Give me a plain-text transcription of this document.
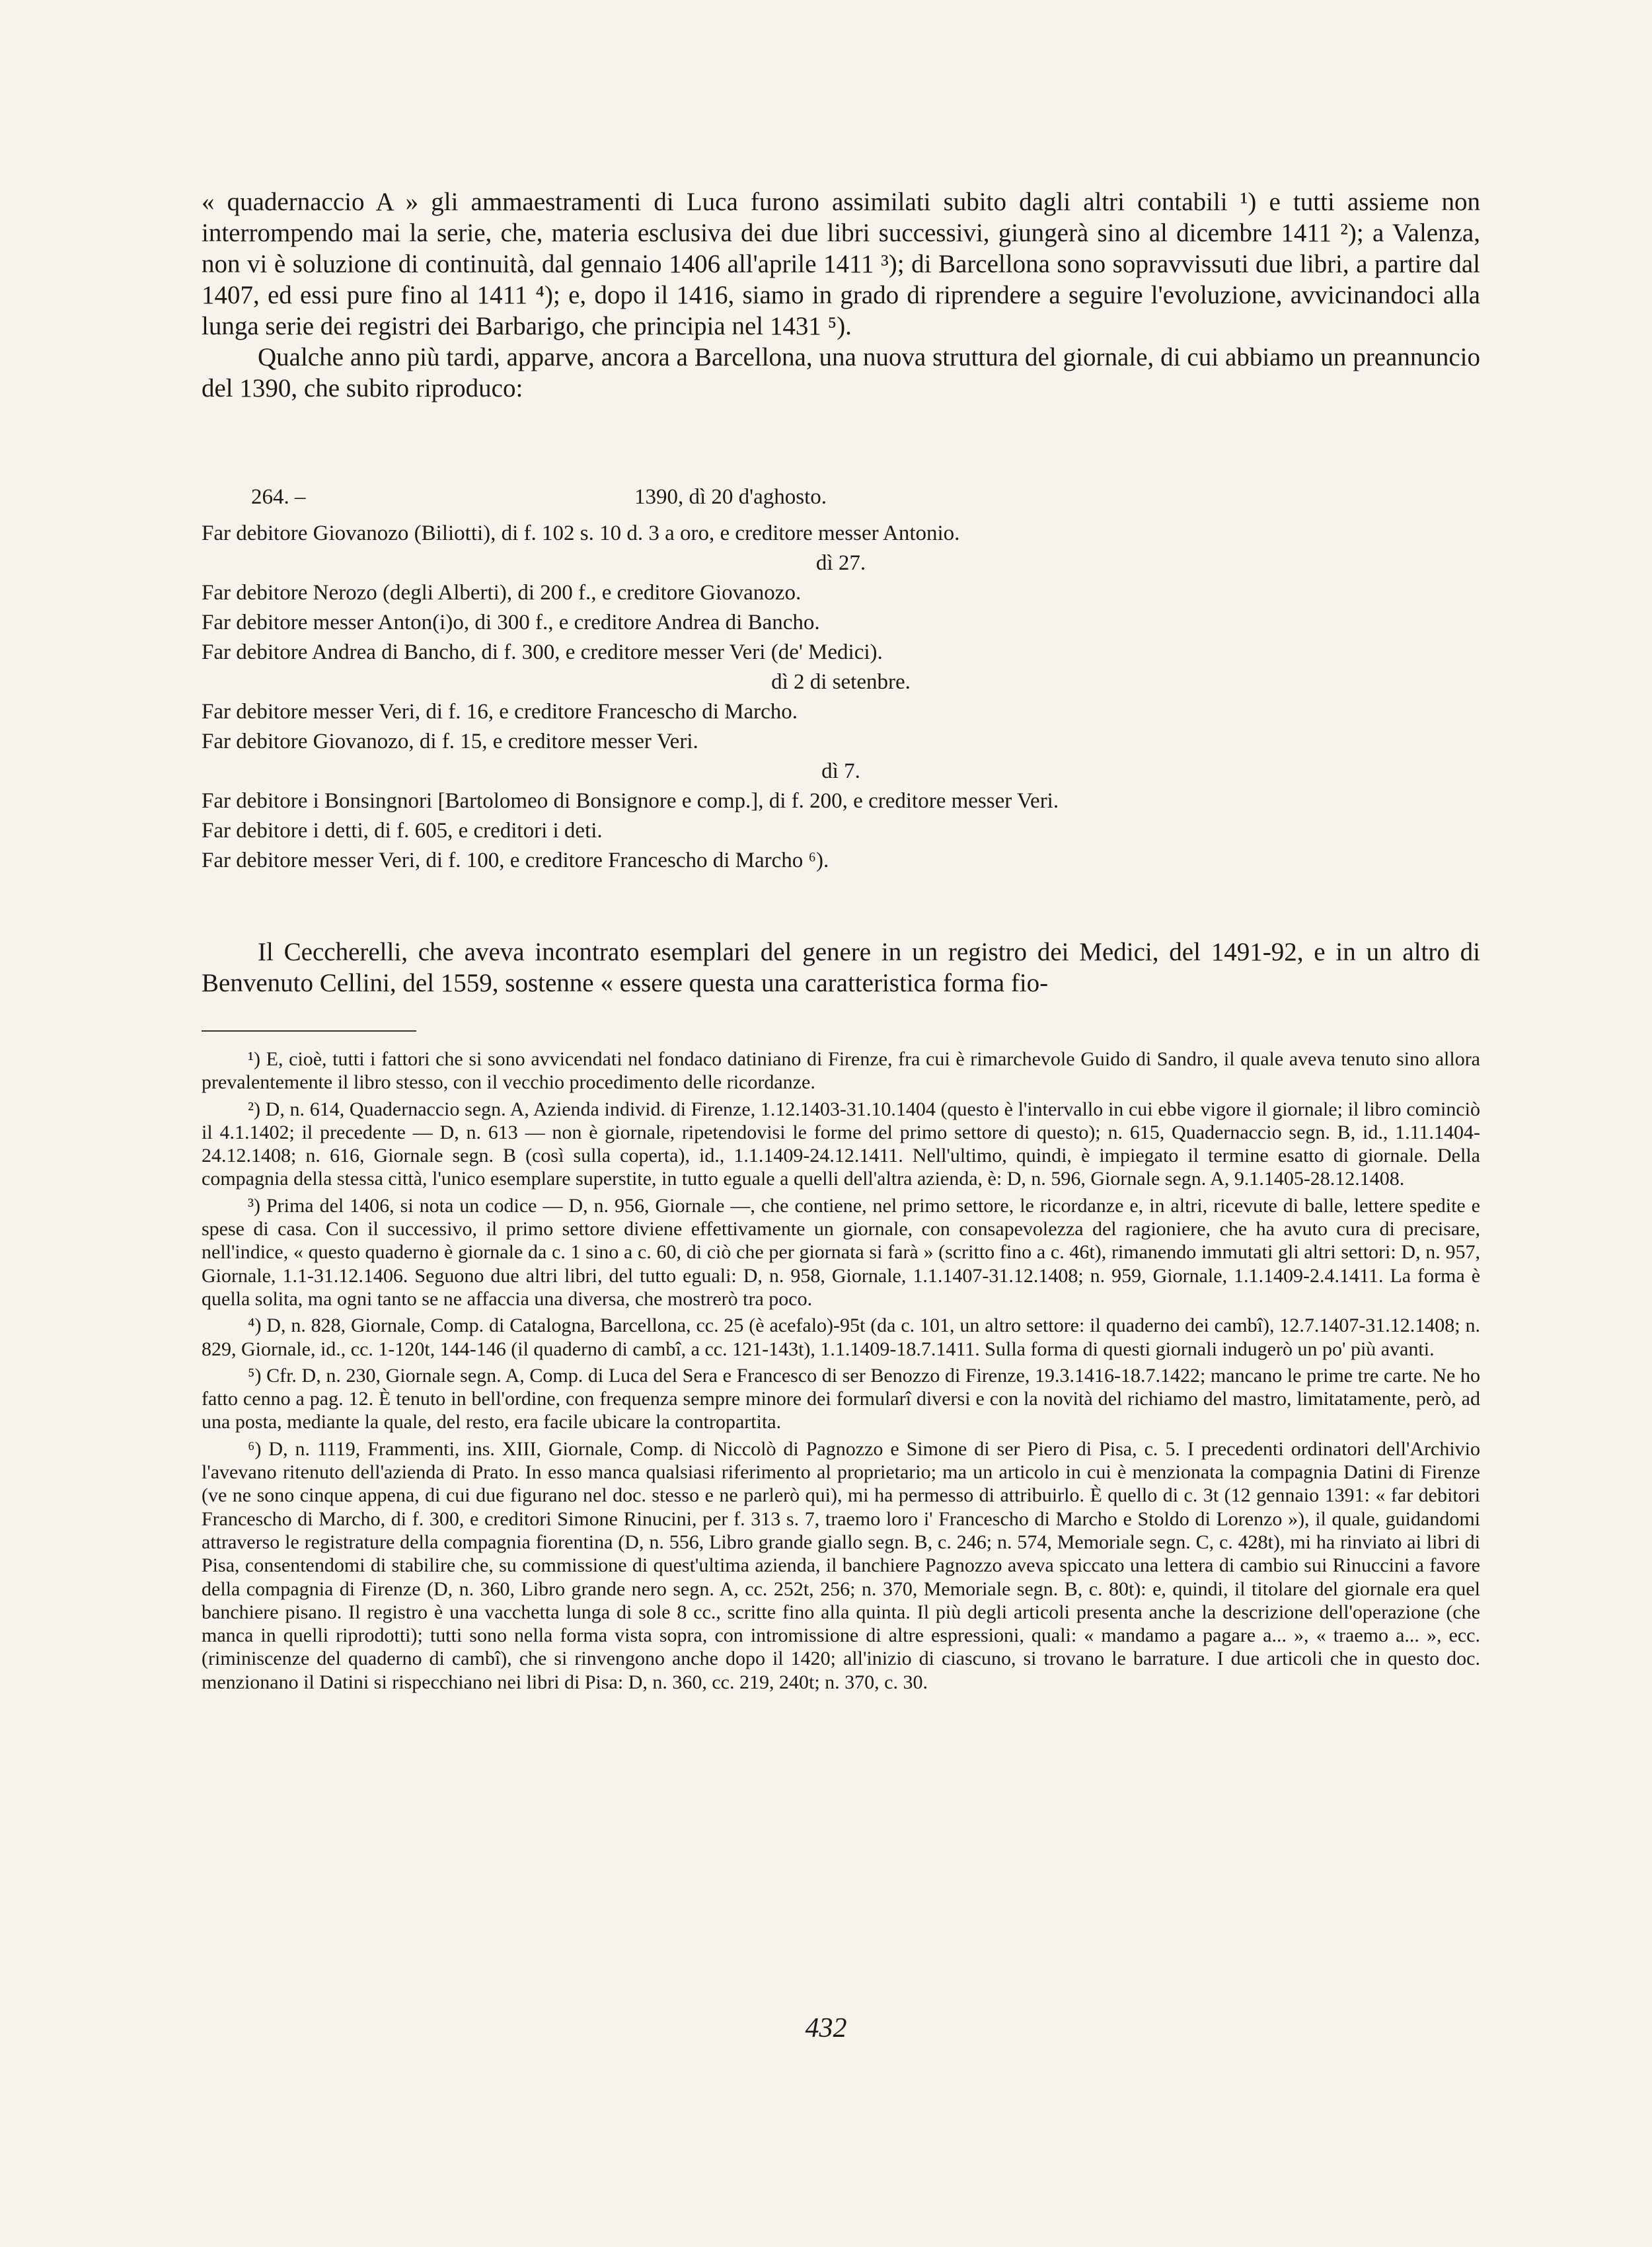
« quadernaccio A » gli ammaestramenti di Luca furono assimilati subito dagli altri contabili ¹) e tutti assieme non interrompendo mai la serie, che, materia esclusiva dei due libri successivi, giungerà sino al dicembre 1411 ²); a Valenza, non vi è soluzione di continuità, dal gennaio 1406 all'aprile 1411 ³); di Barcellona sono sopravvissuti due libri, a partire dal 1407, ed essi pure fino al 1411 ⁴); e, dopo il 1416, siamo in grado di riprendere a seguire l'evoluzione, avvicinandoci alla lunga serie dei registri dei Barbarigo, che principia nel 1431 ⁵).

Qualche anno più tardi, apparve, ancora a Barcellona, una nuova struttura del giornale, di cui abbiamo un preannuncio del 1390, che subito riproduco:

264. –	1390, dì 20 d'aghosto.
Far debitore Giovanozo (Biliotti), di f. 102 s. 10 d. 3 a oro, e creditore messer Antonio.
dì 27.
Far debitore Nerozo (degli Alberti), di 200 f., e creditore Giovanozo.
Far debitore messer Anton(i)o, di 300 f., e creditore Andrea di Bancho.
Far debitore Andrea di Bancho, di f. 300, e creditore messer Veri (de' Medici).
dì 2 di setenbre.
Far debitore messer Veri, di f. 16, e creditore Francescho di Marcho.
Far debitore Giovanozo, di f. 15, e creditore messer Veri.
dì 7.
Far debitore i Bonsingnori [Bartolomeo di Bonsignore e comp.], di f. 200, e creditore messer Veri.
Far debitore i detti, di f. 605, e creditori i deti.
Far debitore messer Veri, di f. 100, e creditore Francescho di Marcho ⁶).

Il Ceccherelli, che aveva incontrato esemplari del genere in un registro dei Medici, del 1491-92, e in un altro di Benvenuto Cellini, del 1559, sostenne « essere questa una caratteristica forma fio-

¹) E, cioè, tutti i fattori che si sono avvicendati nel fondaco datiniano di Firenze, fra cui è rimarchevole Guido di Sandro, il quale aveva tenuto sino allora prevalentemente il libro stesso, con il vecchio procedimento delle ricordanze.

²) D, n. 614, Quadernaccio segn. A, Azienda individ. di Firenze, 1.12.1403-31.10.1404 (questo è l'intervallo in cui ebbe vigore il giornale; il libro cominciò il 4.1.1402; il precedente — D, n. 613 — non è giornale, ripetendovisi le forme del primo settore di questo); n. 615, Quadernaccio segn. B, id., 1.11.1404-24.12.1408; n. 616, Giornale segn. B (così sulla coperta), id., 1.1.1409-24.12.1411. Nell'ultimo, quindi, è impiegato il termine esatto di giornale. Della compagnia della stessa città, l'unico esemplare superstite, in tutto eguale a quelli dell'altra azienda, è: D, n. 596, Giornale segn. A, 9.1.1405-28.12.1408.

³) Prima del 1406, si nota un codice — D, n. 956, Giornale —, che contiene, nel primo settore, le ricordanze e, in altri, ricevute di balle, lettere spedite e spese di casa. Con il successivo, il primo settore diviene effettivamente un giornale, con consapevolezza del ragioniere, che ha avuto cura di precisare, nell'indice, « questo quaderno è giornale da c. 1 sino a c. 60, di ciò che per giornata si farà » (scritto fino a c. 46t), rimanendo immutati gli altri settori: D, n. 957, Giornale, 1.1-31.12.1406. Seguono due altri libri, del tutto eguali: D, n. 958, Giornale, 1.1.1407-31.12.1408; n. 959, Giornale, 1.1.1409-2.4.1411. La forma è quella solita, ma ogni tanto se ne affaccia una diversa, che mostrerò tra poco.

⁴) D, n. 828, Giornale, Comp. di Catalogna, Barcellona, cc. 25 (è acefalo)-95t (da c. 101, un altro settore: il quaderno dei cambî), 12.7.1407-31.12.1408; n. 829, Giornale, id., cc. 1-120t, 144-146 (il quaderno di cambî, a cc. 121-143t), 1.1.1409-18.7.1411. Sulla forma di questi giornali indugerò un po' più avanti.

⁵) Cfr. D, n. 230, Giornale segn. A, Comp. di Luca del Sera e Francesco di ser Benozzo di Firenze, 19.3.1416-18.7.1422; mancano le prime tre carte. Ne ho fatto cenno a pag. 12. È tenuto in bell'ordine, con frequenza sempre minore dei formularî diversi e con la novità del richiamo del mastro, limitatamente, però, ad una posta, mediante la quale, del resto, era facile ubicare la contropartita.

⁶) D, n. 1119, Frammenti, ins. XIII, Giornale, Comp. di Niccolò di Pagnozzo e Simone di ser Piero di Pisa, c. 5. I precedenti ordinatori dell'Archivio l'avevano ritenuto dell'azienda di Prato. In esso manca qualsiasi riferimento al proprietario; ma un articolo in cui è menzionata la compagnia Datini di Firenze (ve ne sono cinque appena, di cui due figurano nel doc. stesso e ne parlerò qui), mi ha permesso di attribuirlo. È quello di c. 3t (12 gennaio 1391: « far debitori Francescho di Marcho, di f. 300, e creditori Simone Rinucini, per f. 313 s. 7, traemo loro i' Francescho di Marcho e Stoldo di Lorenzo »), il quale, guidandomi attraverso le registrature della compagnia fiorentina (D, n. 556, Libro grande giallo segn. B, c. 246; n. 574, Memoriale segn. C, c. 428t), mi ha rinviato ai libri di Pisa, consentendomi di stabilire che, su commissione di quest'ultima azienda, il banchiere Pagnozzo aveva spiccato una lettera di cambio sui Rinuccini a favore della compagnia di Firenze (D, n. 360, Libro grande nero segn. A, cc. 252t, 256; n. 370, Memoriale segn. B, c. 80t): e, quindi, il titolare del giornale era quel banchiere pisano. Il registro è una vacchetta lunga di sole 8 cc., scritte fino alla quinta. Il più degli articoli presenta anche la descrizione dell'operazione (che manca in quelli riprodotti); tutti sono nella forma vista sopra, con intromissione di altre espressioni, quali: « mandamo a pagare a... », « traemo a... », ecc. (riminiscenze del quaderno di cambî), che si rinvengono anche dopo il 1420; all'inizio di ciascuno, si trovano le barrature. I due articoli che in questo doc. menzionano il Datini si rispecchiano nei libri di Pisa: D, n. 360, cc. 219, 240t; n. 370, c. 30.

432
